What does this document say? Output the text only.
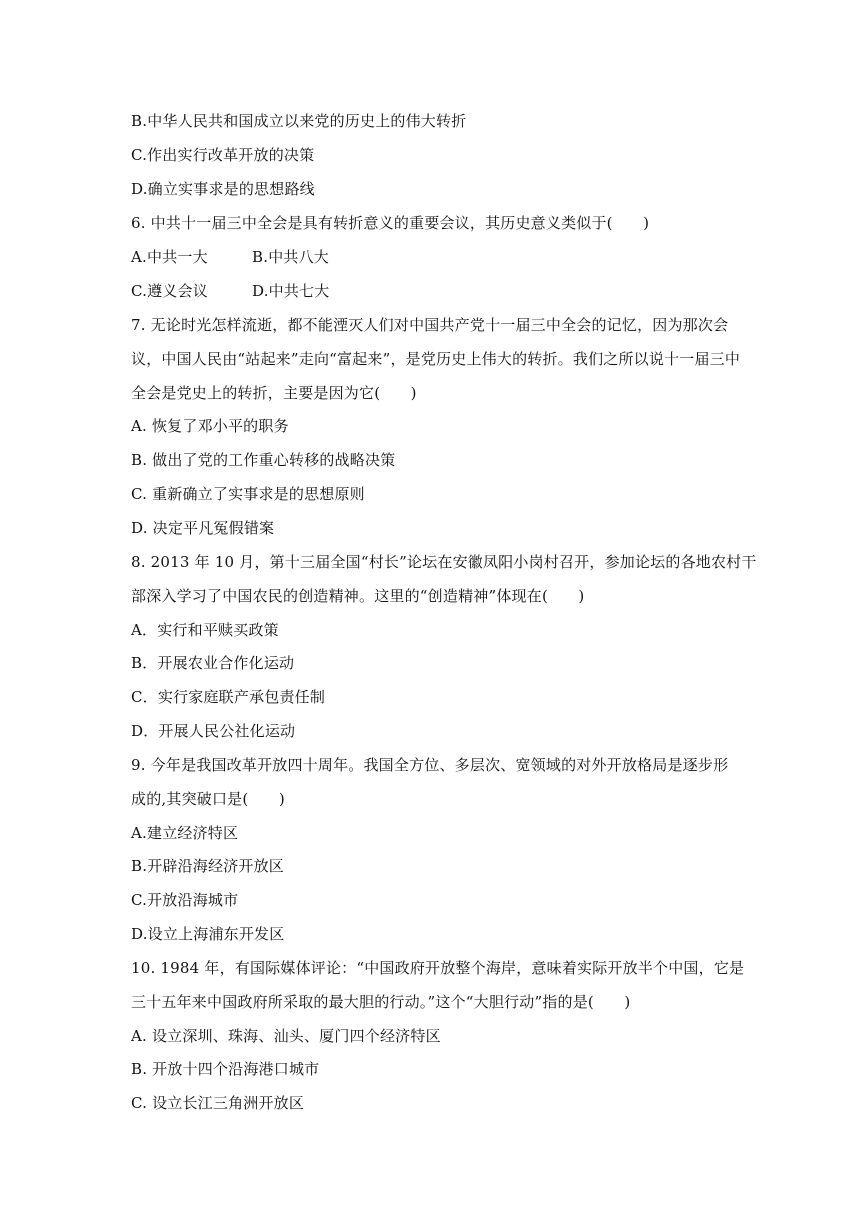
B.中华人民共和国成立以来党的历史上的伟大转折
C.作出实行改革开放的决策
D.确立实事求是的思想路线
6. 中共十一届三中全会是具有转折意义的重要会议，其历史意义类似于(　　)
A.中共一大	B.中共八大
C.遵义会议	D.中共七大
7. 无论时光怎样流逝，都不能湮灭人们对中国共产党十一届三中全会的记忆，因为那次会
议，中国人民由“站起来”走向“富起来”，是党历史上伟大的转折。我们之所以说十一届三中
全会是党史上的转折，主要是因为它(　　)
A. 恢复了邓小平的职务
B. 做出了党的工作重心转移的战略决策
C. 重新确立了实事求是的思想原则
D. 决定平凡冤假错案
8. 2013 年 10 月，第十三届全国“村长”论坛在安徽凤阳小岗村召开，参加论坛的各地农村干
部深入学习了中国农民的创造精神。这里的“创造精神”体现在(　　)
A．实行和平赎买政策
B．开展农业合作化运动
C．实行家庭联产承包责任制
D．开展人民公社化运动
9. 今年是我国改革开放四十周年。我国全方位、多层次、宽领域的对外开放格局是逐步形
成的,其突破口是(　　)
A.建立经济特区
B.开辟沿海经济开放区
C.开放沿海城市
D.设立上海浦东开发区
10. 1984 年，有国际媒体评论：“中国政府开放整个海岸，意味着实际开放半个中国，它是
三十五年来中国政府所采取的最大胆的行动。”这个“大胆行动”指的是(　　)
A. 设立深圳、珠海、汕头、厦门四个经济特区
B. 开放十四个沿海港口城市
C. 设立长江三角洲开放区
